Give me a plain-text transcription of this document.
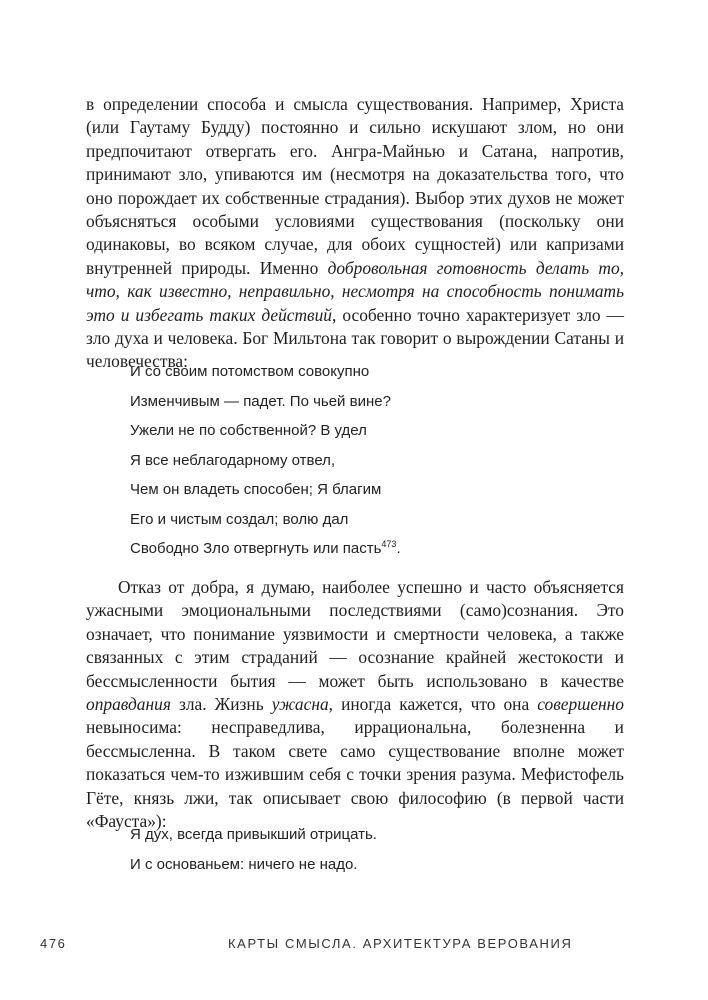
в определении способа и смысла существования. Например, Христа (или Гаутаму Будду) постоянно и сильно искушают злом, но они предпочитают отвергать его. Ангра-Майнью и Сатана, напротив, принимают зло, упиваются им (несмотря на доказательства того, что оно порождает их собственные страдания). Выбор этих духов не может объясняться особыми условиями существования (поскольку они одинаковы, во всяком случае, для обоих сущностей) или капризами внутренней природы. Именно добровольная готовность делать то, что, как известно, неправильно, несмотря на способность понимать это и избегать таких действий, особенно точно характеризует зло — зло духа и человека. Бог Мильтона так говорит о вырождении Сатаны и человечества:

И со своим потомством совокупно
Изменчивым — падет. По чьей вине?
Ужели не по собственной? В удел
Я все неблагодарному отвел,
Чем он владеть способен; Я благим
Его и чистым создал; волю дал
Свободно Зло отвергнуть или пасть$^{473}$.

Отказ от добра, я думаю, наиболее успешно и часто объясняется ужасными эмоциональными последствиями (само)сознания. Это означает, что понимание уязвимости и смертности человека, а также связанных с этим страданий — осознание крайней жестокости и бессмысленности бытия — может быть использовано в качестве оправдания зла. Жизнь ужасна, иногда кажется, что она совершенно невыносима: несправедлива, иррациональна, болезненна и бессмысленна. В таком свете само существование вполне может показаться чем-то изжившим себя с точки зрения разума. Мефистофель Гёте, князь лжи, так описывает свою философию (в первой части «Фауста»):

Я дух, всегда привыкший отрицать.
И с основаньем: ничего не надо.
476	КАРТЫ СМЫСЛА. АРХИТЕКТУРА ВЕРОВАНИЯ
